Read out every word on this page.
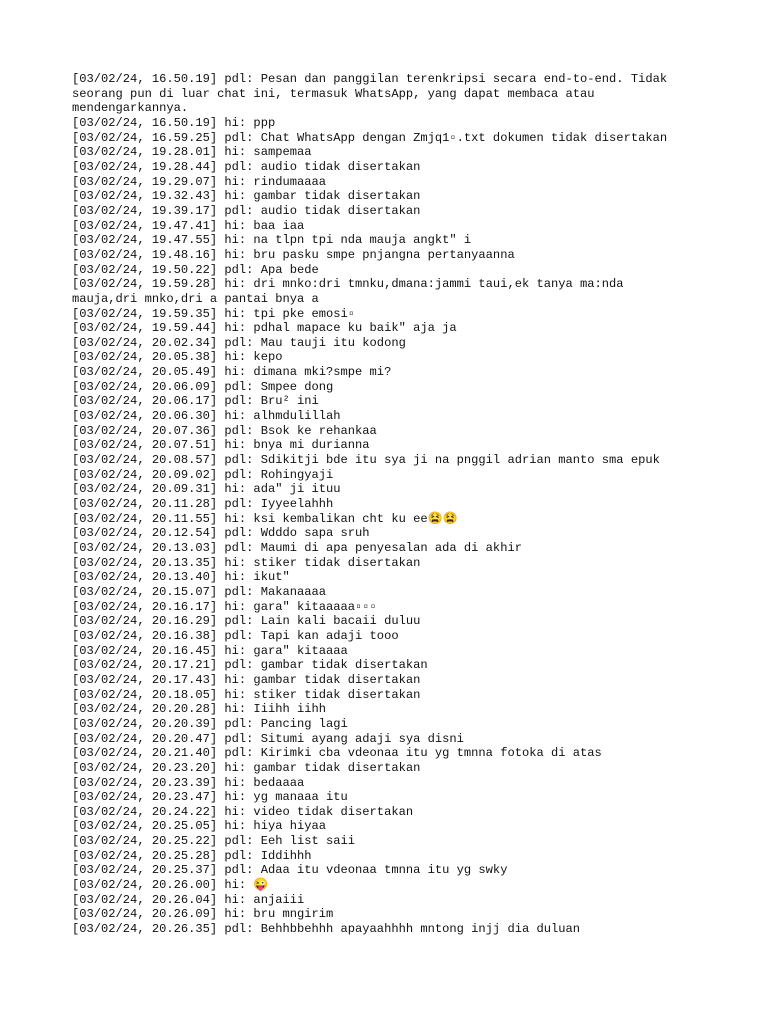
[03/02/24, 16.50.19] pdl: Pesan dan panggilan terenkripsi secara end-to-end. Tidak
seorang pun di luar chat ini, termasuk WhatsApp, yang dapat membaca atau
mendengarkannya.
[03/02/24, 16.50.19] hi: ppp
[03/02/24, 16.59.25] pdl: Chat WhatsApp dengan Zmjq1▫.txt dokumen tidak disertakan
[03/02/24, 19.28.01] hi: sampemaa
[03/02/24, 19.28.44] pdl: audio tidak disertakan
[03/02/24, 19.29.07] hi: rindumaaaa
[03/02/24, 19.32.43] hi: gambar tidak disertakan
[03/02/24, 19.39.17] pdl: audio tidak disertakan
[03/02/24, 19.47.41] hi: baa iaa
[03/02/24, 19.47.55] hi: na tlpn tpi nda mauja angkt" i
[03/02/24, 19.48.16] hi: bru pasku smpe pnjangna pertanyaanna
[03/02/24, 19.50.22] pdl: Apa bede
[03/02/24, 19.59.28] hi: dri mnko:dri tmnku,dmana:jammi taui,ek tanya ma:nda
mauja,dri mnko,dri a pantai bnya a
[03/02/24, 19.59.35] hi: tpi pke emosi▫
[03/02/24, 19.59.44] hi: pdhal mapace ku baik" aja ja
[03/02/24, 20.02.34] pdl: Mau tauji itu kodong
[03/02/24, 20.05.38] hi: kepo
[03/02/24, 20.05.49] hi: dimana mki?smpe mi?
[03/02/24, 20.06.09] pdl: Smpee dong
[03/02/24, 20.06.17] pdl: Bru² ini
[03/02/24, 20.06.30] hi: alhmdulillah
[03/02/24, 20.07.36] pdl: Bsok ke rehankaa
[03/02/24, 20.07.51] hi: bnya mi durianna
[03/02/24, 20.08.57] pdl: Sdikitji bde itu sya ji na pnggil adrian manto sma epuk
[03/02/24, 20.09.02] pdl: Rohingyaji
[03/02/24, 20.09.31] hi: ada" ji ituu
[03/02/24, 20.11.28] pdl: Iyyeelahhh
[03/02/24, 20.11.55] hi: ksi kembalikan cht ku ee😫😫
[03/02/24, 20.12.54] pdl: Wdddo sapa sruh
[03/02/24, 20.13.03] pdl: Maumi di apa penyesalan ada di akhir
[03/02/24, 20.13.35] hi: stiker tidak disertakan
[03/02/24, 20.13.40] hi: ikut"
[03/02/24, 20.15.07] pdl: Makanaaaa
[03/02/24, 20.16.17] hi: gara" kitaaaaa▫▫▫
[03/02/24, 20.16.29] pdl: Lain kali bacaii duluu
[03/02/24, 20.16.38] pdl: Tapi kan adaji tooo
[03/02/24, 20.16.45] hi: gara" kitaaaa
[03/02/24, 20.17.21] pdl: gambar tidak disertakan
[03/02/24, 20.17.43] hi: gambar tidak disertakan
[03/02/24, 20.18.05] hi: stiker tidak disertakan
[03/02/24, 20.20.28] hi: Iiihh iihh
[03/02/24, 20.20.39] pdl: Pancing lagi
[03/02/24, 20.20.47] pdl: Situmi ayang adaji sya disni
[03/02/24, 20.21.40] pdl: Kirimki cba vdeonaa itu yg tmnna fotoka di atas
[03/02/24, 20.23.20] hi: gambar tidak disertakan
[03/02/24, 20.23.39] hi: bedaaaa
[03/02/24, 20.23.47] hi: yg manaaa itu
[03/02/24, 20.24.22] hi: video tidak disertakan
[03/02/24, 20.25.05] hi: hiya hiyaa
[03/02/24, 20.25.22] pdl: Eeh list saii
[03/02/24, 20.25.28] pdl: Iddihhh
[03/02/24, 20.25.37] pdl: Adaa itu vdeonaa tmnna itu yg swky
[03/02/24, 20.26.00] hi: 😜
[03/02/24, 20.26.04] hi: anjaiii
[03/02/24, 20.26.09] hi: bru mngirim
[03/02/24, 20.26.35] pdl: Behhbbehhh apayaahhhh mntong injj dia duluan
